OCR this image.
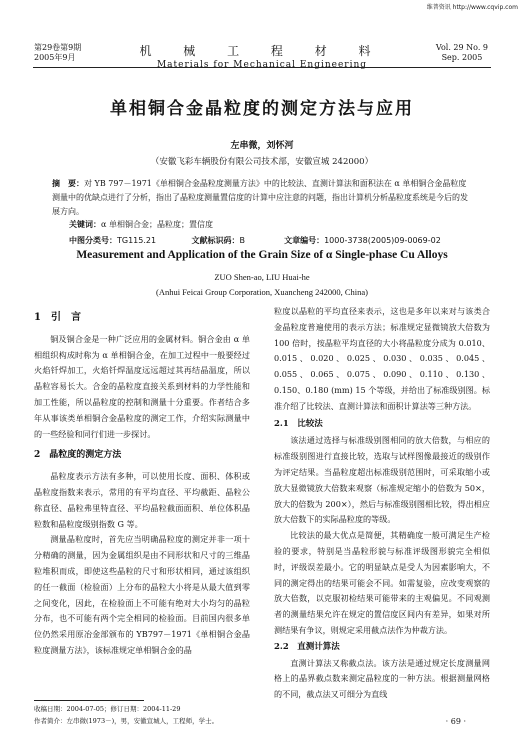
维普资讯 http://www.cqvip.com
第29卷第9期
2005年9月	机 械 工 程 材 料
Materials for Mechanical Engineering
Vol. 29 No. 9
Sep. 2005
单相铜合金晶粒度的测定方法与应用
左串微，刘怀河
（安徽飞彩车辆股份有限公司技术部，安徽宣城 242000）
摘　要：对 YB 797－1971《单相铜合金晶粒度测量方法》中的比较法、直测计算法和面积法在 α 单相铜合金晶粒度测量中的优缺点进行了分析，指出了晶粒度测量置信度的计算中应注意的问题，指出计算机分析晶粒度系统是今后的发展方向。
关键词：α 单相铜合金；晶粒度；置信度
中图分类号：TG115.21	文献标识码：B	文章编号：1000-3738(2005)09-0069-02
Measurement and Application of the Grain Size of α Single-phase Cu Alloys
ZUO Shen-ao, LIU Huai-he
(Anhui Feicai Group Corporation, Xuancheng 242000, China)
1　引　言

铜及铜合金是一种广泛应用的金属材料。铜合金由 α 单相组织构成时称为 α 单相铜合金，在加工过程中一般要经过火焰钎焊加工，火焰钎焊温度远远超过其再结晶温度，所以晶粒容易长大。合金的晶粒度直接关系到材料的力学性能和加工性能，所以晶粒度的控制和测量十分重要。作者结合多年从事该类单相铜合金晶粒度的测定工作，介绍实际测量中的一些经验和同行们进一步探讨。

2　晶粒度的测定方法

晶粒度表示方法有多种，可以使用长度、面积、体积或晶粒度指数来表示，常用的有平均直径、平均截距、晶粒公称直径、晶粒弗里特直径、平均晶粒截面面积、单位体积晶粒数和晶粒度级别指数 G 等。

测量晶粒度时，首先应当明确晶粒度的测定并非一项十分精确的测量，因为金属组织是由不同形状和尺寸的三维晶粒堆积而成，即使这些晶粒的尺寸和形状相同，通过该组织的任一截面（检验面）上分布的晶粒大小将是从最大值到零之间变化，因此，在检验面上不可能有绝对大小均匀的晶粒分布，也不可能有两个完全相同的检验面。目前国内很多单位仍然采用原冶金部颁布的 YB797－1971《单相铜合金晶粒度测量方法》，该标准规定单相铜合金的晶

收稿日期：2004-07-05；修订日期：2004-11-29
作者简介：左串微(1973－)，男，安徽宣城人，工程师，学士。

粒度以晶粒的平均直径来表示，这也是多年以来对与该类合金晶粒度普遍使用的表示方法；标准规定显微镜放大倍数为 100 倍时，按晶粒平均直径的大小将晶粒度分成为 0.010、0.015、0.020、0.025、0.030、0.035、0.045、0.055、0.065、0.075、0.090、0.110、0.130、0.150、0.180 (mm) 15 个等级，并给出了标准级别图。标准介绍了比较法、直测计算法和面积计算法等三种方法。

2.1　比较法

该法通过选择与标准级别图相同的放大倍数，与相应的标准级别图进行直接比较，选取与试样图像最接近的级别作为评定结果。当晶粒度超出标准级别范围时，可采取缩小或放大显微镜放大倍数来观察（标准规定缩小的倍数为 50×，放大的倍数为 200×），然后与标准级别图相比较，得出相应放大倍数下的实际晶粒度的等级。

比较法的最大优点是简便，其精确度一般可满足生产检验的要求，特别是当晶粒形貌与标准评级图形貌完全相似时，评级误差最小。它的明显缺点是受人为因素影响大，不同的测定得出的结果可能会不同。如需复验，应改变观察的放大倍数，以克服初检结果可能带来的主观偏见。不同观测者的测量结果允许在规定的置信度区间内有差异，如果对所测结果有争议，则规定采用截点法作为仲裁方法。

2.2　直测计算法

直测计算法又称截点法。该方法是通过规定长度测量网格上的晶界截点数来测定晶粒度的一种方法。根据测量网格的不同，截点法又可细分为直线

· 69 ·
